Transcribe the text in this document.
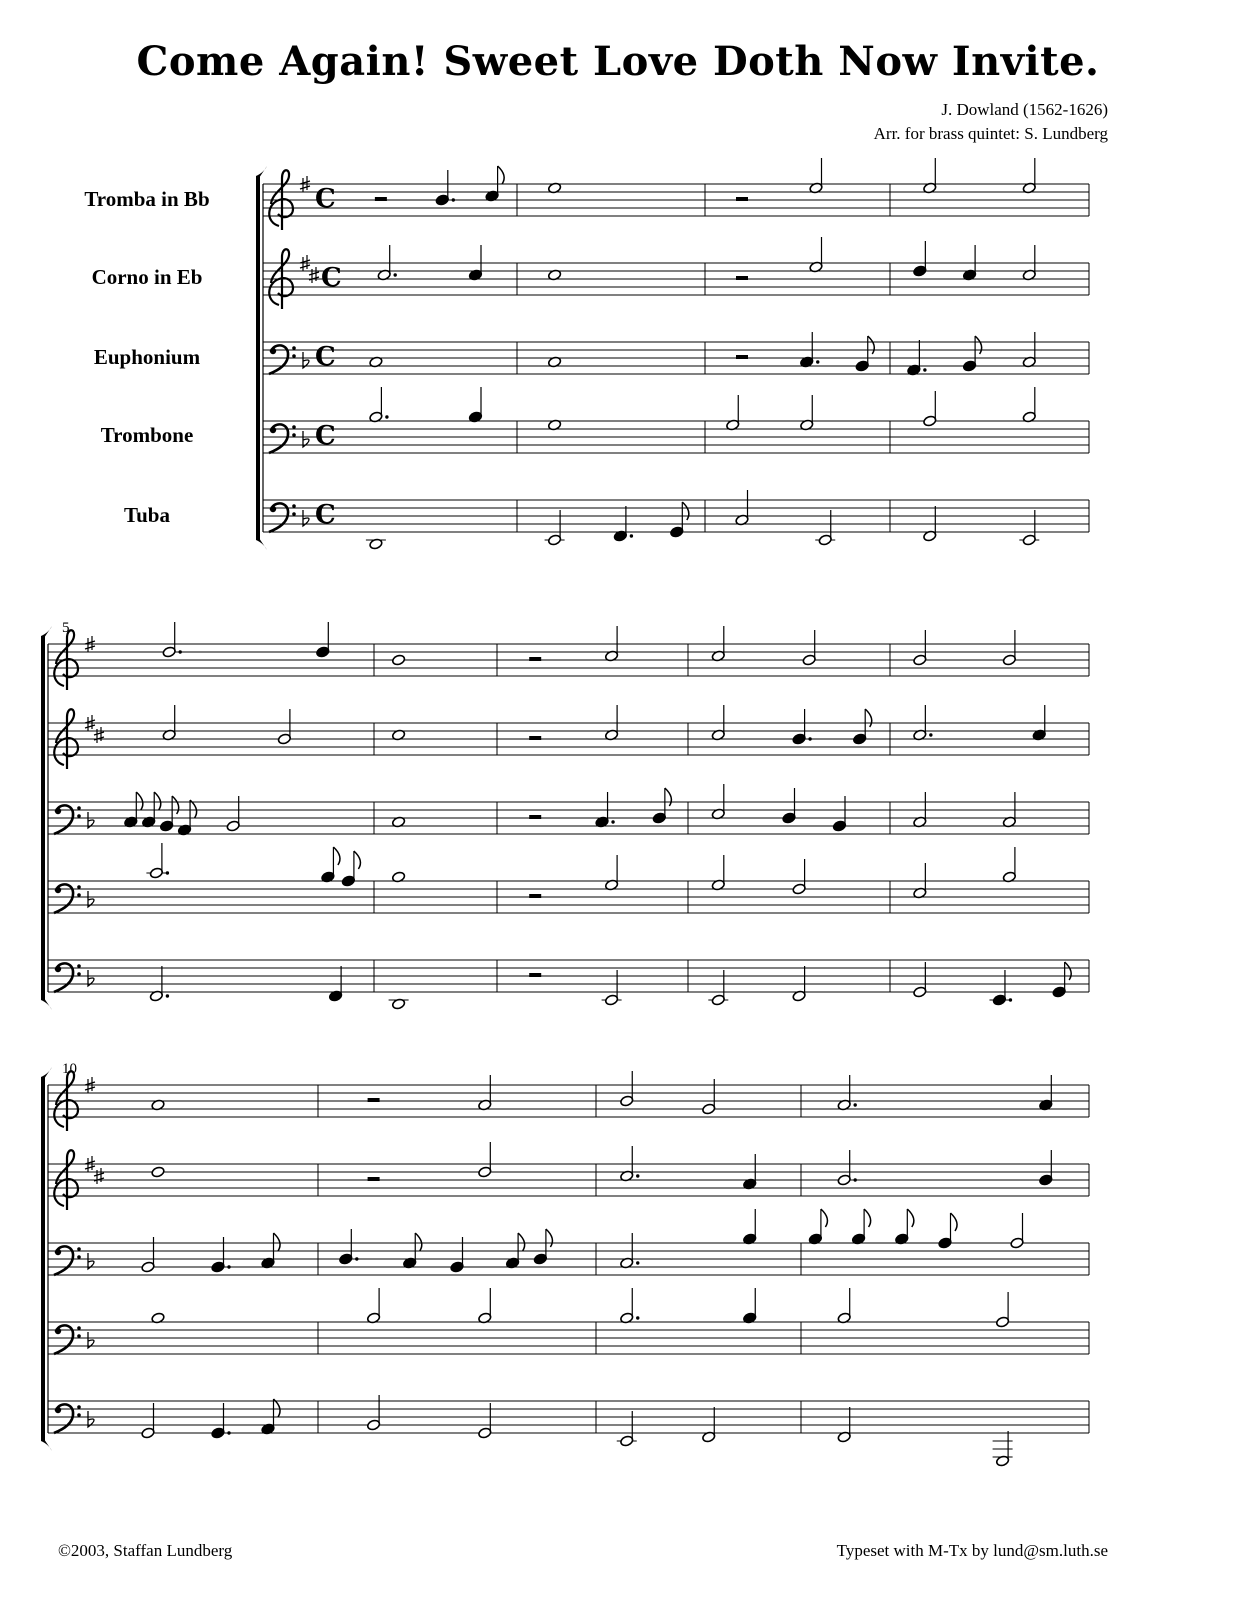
Come Again! Sweet Love Doth Now Invite.
J. Dowland (1562-1626)
Arr. for brass quintet: S. Lundberg
Tromba in Bb
Corno in Eb
Euphonium
Trombone
Tuba
C
C
C
C
C
5
10
©2003, Staffan Lundberg	Typeset with M-Tx by lund@sm.luth.se
